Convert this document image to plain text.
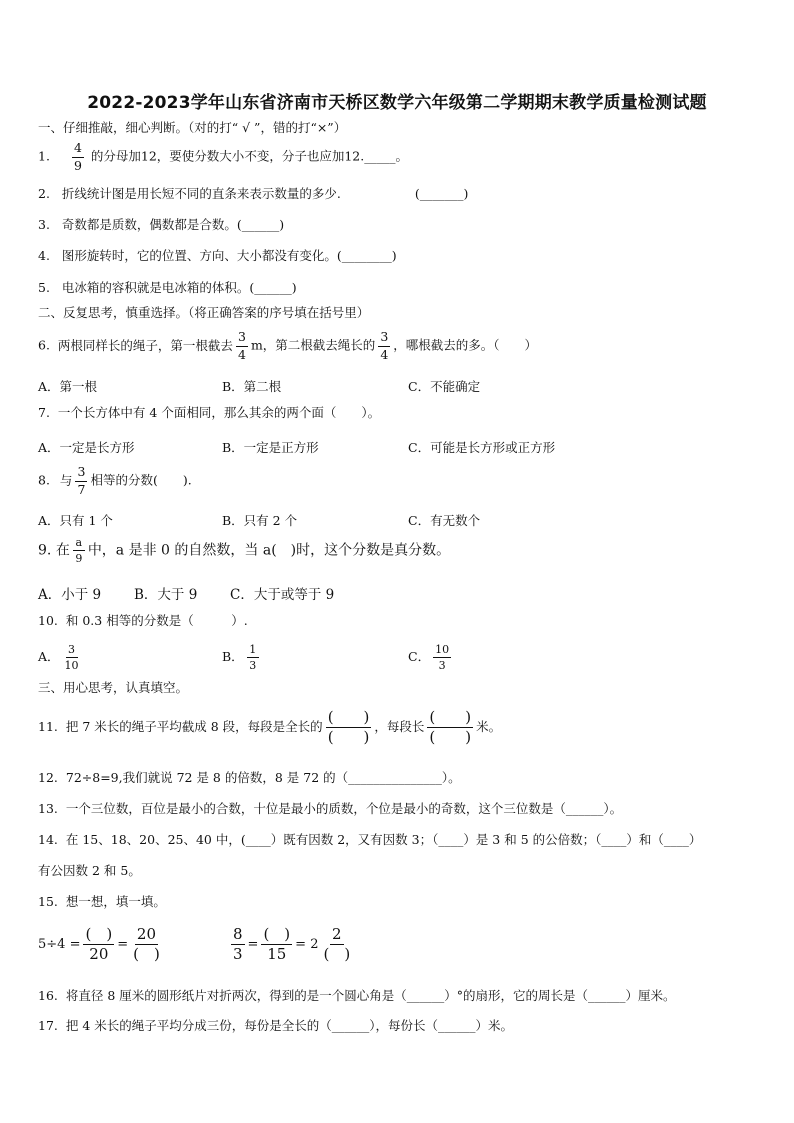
2022-2023学年山东省济南市天桥区数学六年级第二学期期末教学质量检测试题
一、仔细推敲，细心判断。（对的打“ √ ”，错的打“×”）
1. $\frac{4}{9}$ 的分母加12，要使分数大小不变，分子也应加12._____。
2. 折线统计图是用长短不同的直条来表示数量的多少.	(_______)
3. 奇数都是质数，偶数都是合数。(______)
4. 图形旋转时，它的位置、方向、大小都没有变化。(________)
5. 电冰箱的容积就是电冰箱的体积。(______)
二、反复思考，慎重选择。（将正确答案的序号填在括号里）
6. 两根同样长的绳子，第一根截去 $\frac{3}{4}$ m，第二根截去绳长的 $\frac{3}{4}$ ，哪根截去的多。（　　）
A．第一根	B．第二根	C．不能确定
7. 一个长方体中有 4 个面相同，那么其余的两个面（　　）。
A．一定是长方形	B．一定是正方形	C．可能是长方形或正方形
8. 与 $\frac{3}{7}$ 相等的分数(　　).
A．只有 1 个	B．只有 2 个	C．有无数个
9. 在 $\frac{a}{9}$ 中，a 是非 0 的自然数，当 a(　)时，这个分数是真分数。
A．小于 9 B．大于 9 C．大于或等于 9
10. 和 0.3 相等的分数是（　　　）.
A． $\frac{3}{10}$	B． $\frac{1}{3}$	C． $\frac{10}{3}$
三、用心思考，认真填空。
11. 把 7 米长的绳子平均截成 8 段，每段是全长的 $\frac{( )}{( )}$ ，每段长 $\frac{( )}{( )}$ 米。
12. 72÷8=9,我们就说 72 是 8 的倍数，8 是 72 的（_______________）。
13. 一个三位数，百位是最小的合数，十位是最小的质数，个位是最小的奇数，这个三位数是（______）。
14. 在 15、18、20、25、40 中，(____）既有因数 2，又有因数 3；（____）是 3 和 5 的公倍数；（____）和（____）
有公因数 2 和 5。
15. 想一想，填一填。
$5\div 4 = \frac{( )}{20} = \frac{20}{( )}$	$\frac{8}{3} = \frac{( )}{15} = 2 \frac{2}{( )}$
16. 将直径 8 厘米的圆形纸片对折两次，得到的是一个圆心角是（______）°的扇形，它的周长是（______）厘米。
17. 把 4 米长的绳子平均分成三份，每份是全长的（______），每份长（______）米。
